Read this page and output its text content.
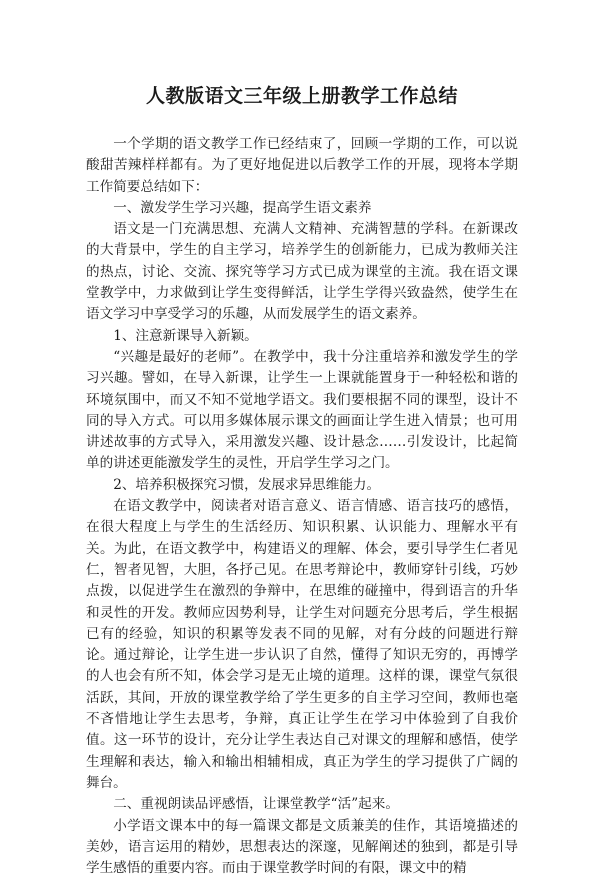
人教版语文三年级上册教学工作总结

一个学期的语文教学工作已经结束了，回顾一学期的工作，可以说酸甜苦辣样样都有。为了更好地促进以后教学工作的开展，现将本学期工作简要总结如下：

一、激发学生学习兴趣，提高学生语文素养

语文是一门充满思想、充满人文精神、充满智慧的学科。在新课改的大背景中，学生的自主学习，培养学生的创新能力，已成为教师关注的热点，讨论、交流、探究等学习方式已成为课堂的主流。我在语文课堂教学中，力求做到让学生变得鲜活，让学生学得兴致盎然，使学生在语文学习中享受学习的乐趣，从而发展学生的语文素养。

1、注意新课导入新颖。

“兴趣是最好的老师”。在教学中，我十分注重培养和激发学生的学习兴趣。譬如，在导入新课，让学生一上课就能置身于一种轻松和谐的环境氛围中，而又不知不觉地学语文。我们要根据不同的课型，设计不同的导入方式。可以用多媒体展示课文的画面让学生进入情景；也可用讲述故事的方式导入，采用激发兴趣、设计悬念……引发设计，比起简单的讲述更能激发学生的灵性，开启学生学习之门。

2、培养积极探究习惯，发展求异思维能力。

在语文教学中，阅读者对语言意义、语言情感、语言技巧的感悟，在很大程度上与学生的生活经历、知识积累、认识能力、理解水平有关。为此，在语文教学中，构建语义的理解、体会，要引导学生仁者见仁，智者见智，大胆，各抒己见。在思考辩论中，教师穿针引线，巧妙点拨，以促进学生在激烈的争辩中，在思维的碰撞中，得到语言的升华和灵性的开发。教师应因势利导，让学生对问题充分思考后，学生根据已有的经验，知识的积累等发表不同的见解，对有分歧的问题进行辩论。通过辩论，让学生进一步认识了自然，懂得了知识无穷的，再博学的人也会有所不知，体会学习是无止境的道理。这样的课，课堂气氛很活跃，其间，开放的课堂教学给了学生更多的自主学习空间，教师也毫不吝惜地让学生去思考，争辩，真正让学生在学习中体验到了自我价值。这一环节的设计，充分让学生表达自己对课文的理解和感悟，使学生理解和表达，输入和输出相辅相成，真正为学生的学习提供了广阔的舞台。

二、重视朗读品评感悟，让课堂教学“活”起来。

小学语文课本中的每一篇课文都是文质兼美的佳作，其语境描述的美妙，语言运用的精妙，思想表达的深邃，见解阐述的独到，都是引导学生感悟的重要内容。而由于课堂教学时间的有限，课文中的精
